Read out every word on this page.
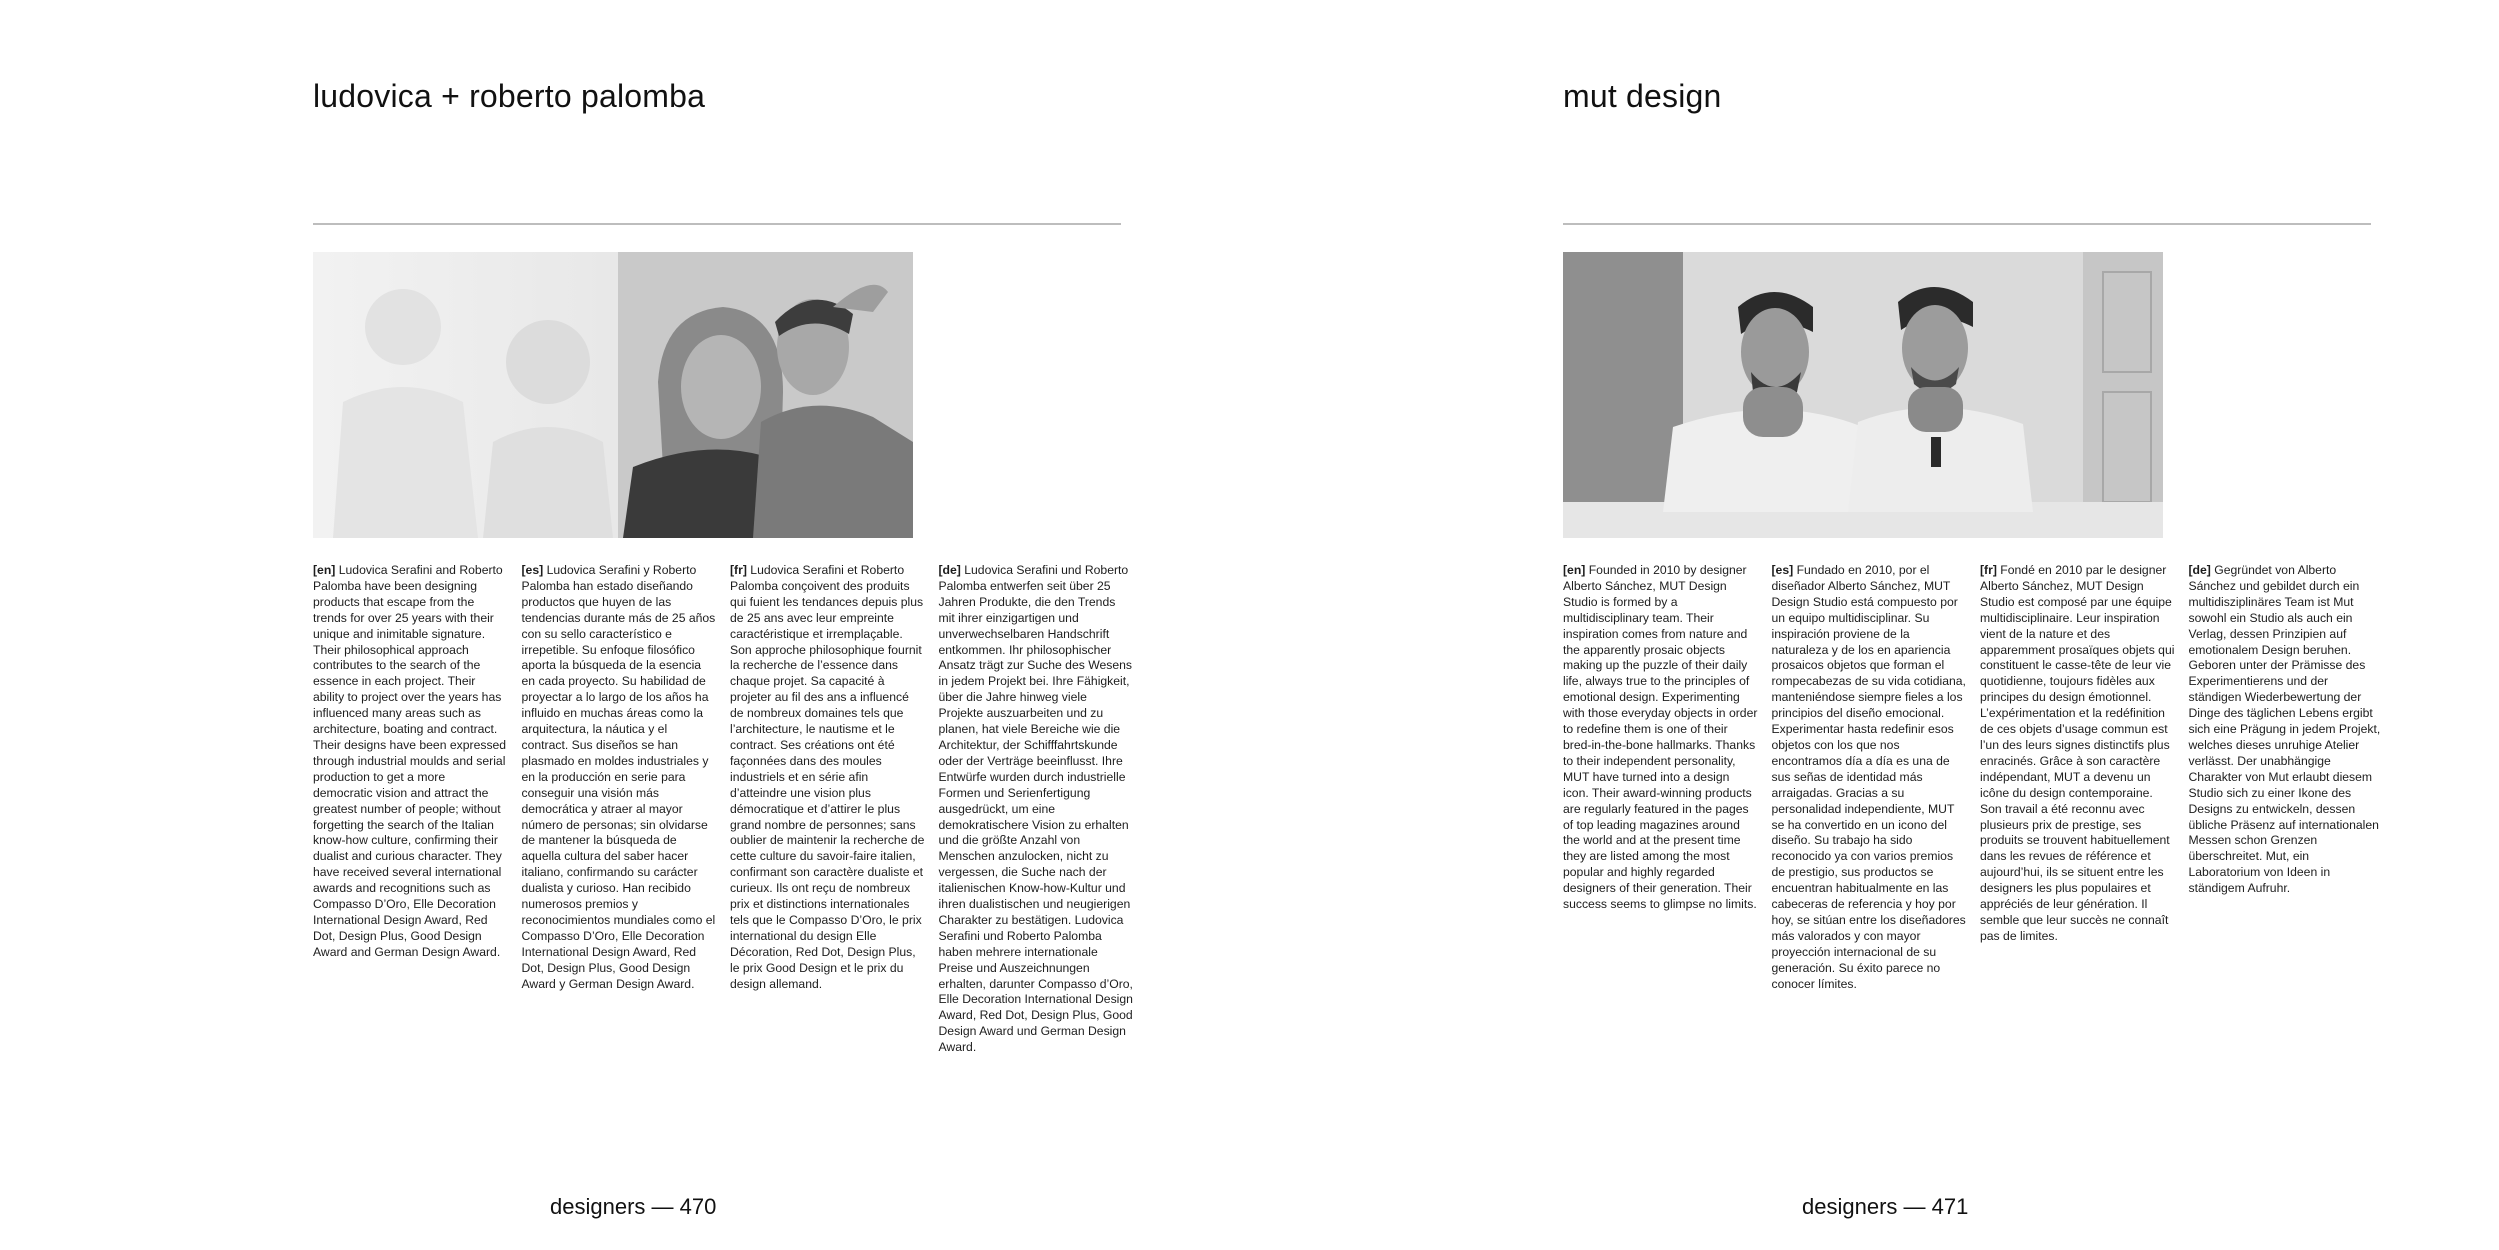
ludovica + roberto palomba
[en] Ludovica Serafini and Roberto Palomba have been designing products that escape from the trends for over 25 years with their unique and inimitable signature. Their philosophical approach contributes to the search of the essence in each project. Their ability to project over the years has influenced many areas such as architecture, boating and contract. Their designs have been expressed through industrial moulds and serial production to get a more democratic vision and attract the greatest number of people; without forgetting the search of the Italian know-how culture, confirming their dualist and curious character. They have received several international awards and recognitions such as Compasso D’Oro, Elle Decoration International Design Award, Red Dot, Design Plus, Good Design Award and German Design Award.
[es] Ludovica Serafini y Roberto Palomba han estado diseñando productos que huyen de las tendencias durante más de 25 años con su sello característico e irrepetible. Su enfoque filosófico aporta la búsqueda de la esencia en cada proyecto. Su habilidad de proyectar a lo largo de los años ha influido en muchas áreas como la arquitectura, la náutica y el contract. Sus diseños se han plasmado en moldes industriales y en la producción en serie para conseguir una visión más democrática y atraer al mayor número de personas; sin olvidarse de mantener la búsqueda de aquella cultura del saber hacer italiano, confirmando su carácter dualista y curioso. Han recibido numerosos premios y reconocimientos mundiales como el Compasso D’Oro, Elle Decoration International Design Award, Red Dot, Design Plus, Good Design Award y German Design Award.
[fr] Ludovica Serafini et Roberto Palomba conçoivent des produits qui fuient les tendances depuis plus de 25 ans avec leur empreinte caractéristique et irremplaçable. Son approche philosophique fournit la recherche de l’essence dans chaque projet. Sa capacité à projeter au fil des ans a influencé de nombreux domaines tels que l’architecture, le nautisme et le contract. Ses créations ont été façonnées dans des moules industriels et en série afin d’atteindre une vision plus démocratique et d’attirer le plus grand nombre de personnes; sans oublier de maintenir la recherche de cette culture du savoir-faire italien, confirmant son caractère dualiste et curieux. Ils ont reçu de nombreux prix et distinctions internationales tels que le Compasso D’Oro, le prix international du design Elle Décoration, Red Dot, Design Plus, le prix Good Design et le prix du design allemand.
[de] Ludovica Serafini und Roberto Palomba entwerfen seit über 25 Jahren Produkte, die den Trends mit ihrer einzigartigen und unverwechselbaren Handschrift entkommen. Ihr philosophischer Ansatz trägt zur Suche des Wesens in jedem Projekt bei. Ihre Fähigkeit, über die Jahre hinweg viele Projekte auszuarbeiten und zu planen, hat viele Bereiche wie die Architektur, der Schifffahrtskunde oder der Verträge beeinflusst. Ihre Entwürfe wurden durch industrielle Formen und Serienfertigung ausgedrückt, um eine demokratischere Vision zu erhalten und die größte Anzahl von Menschen anzulocken, nicht zu vergessen, die Suche nach der italienischen Know-how-Kultur und ihren dualistischen und neugierigen Charakter zu bestätigen. Ludovica Serafini und Roberto Palomba haben mehrere internationale Preise und Auszeichnungen erhalten, darunter Compasso d’Oro, Elle Decoration International Design Award, Red Dot, Design Plus, Good Design Award und German Design Award.
designers — 470
mut design
[en] Founded in 2010 by designer Alberto Sánchez, MUT Design Studio is formed by a multidisciplinary team. Their inspiration comes from nature and the apparently prosaic objects making up the puzzle of their daily life, always true to the principles of emotional design. Experimenting with those everyday objects in order to redefine them is one of their bred-in-the-bone hallmarks. Thanks to their independent personality, MUT have turned into a design icon. Their award-winning products are regularly featured in the pages of top leading magazines around the world and at the present time they are listed among the most popular and highly regarded designers of their generation. Their success seems to glimpse no limits.
[es] Fundado en 2010, por el diseñador Alberto Sánchez, MUT Design Studio está compuesto por un equipo multidisciplinar. Su inspiración proviene de la naturaleza y de los en apariencia prosaicos objetos que forman el rompecabezas de su vida cotidiana, manteniéndose siempre fieles a los principios del diseño emocional. Experimentar hasta redefinir esos objetos con los que nos encontramos día a día es una de sus señas de identidad más arraigadas. Gracias a su personalidad independiente, MUT se ha convertido en un icono del diseño. Su trabajo ha sido reconocido ya con varios premios de prestigio, sus productos se encuentran habitualmente en las cabeceras de referencia y hoy por hoy, se sitúan entre los diseñadores más valorados y con mayor proyección internacional de su generación. Su éxito parece no conocer límites.
[fr] Fondé en 2010 par le designer Alberto Sánchez, MUT Design Studio est composé par une équipe multidisciplinaire. Leur inspiration vient de la nature et des apparemment prosaïques objets qui constituent le casse-tête de leur vie quotidienne, toujours fidèles aux principes du design émotionnel. L’expérimentation et la redéfinition de ces objets d’usage commun est l’un des leurs signes distinctifs plus enracinés. Grâce à son caractère indépendant, MUT a devenu un icône du design contemporaine. Son travail a été reconnu avec plusieurs prix de prestige, ses produits se trouvent habituellement dans les revues de référence et aujourd’hui, ils se situent entre les designers les plus populaires et appréciés de leur génération. Il semble que leur succès ne connaît pas de limites.
[de] Gegründet von Alberto Sánchez und gebildet durch ein multidisziplinäres Team ist Mut sowohl ein Studio als auch ein Verlag, dessen Prinzipien auf emotionalem Design beruhen. Geboren unter der Prämisse des Experimentierens und der ständigen Wiederbewertung der Dinge des täglichen Lebens ergibt sich eine Prägung in jedem Projekt, welches dieses unruhige Atelier verlässt. Der unabhängige Charakter von Mut erlaubt diesem Studio sich zu einer Ikone des Designs zu entwickeln, dessen übliche Präsenz auf internationalen Messen schon Grenzen überschreitet. Mut, ein Laboratorium von Ideen in ständigem Aufruhr.
designers — 471
